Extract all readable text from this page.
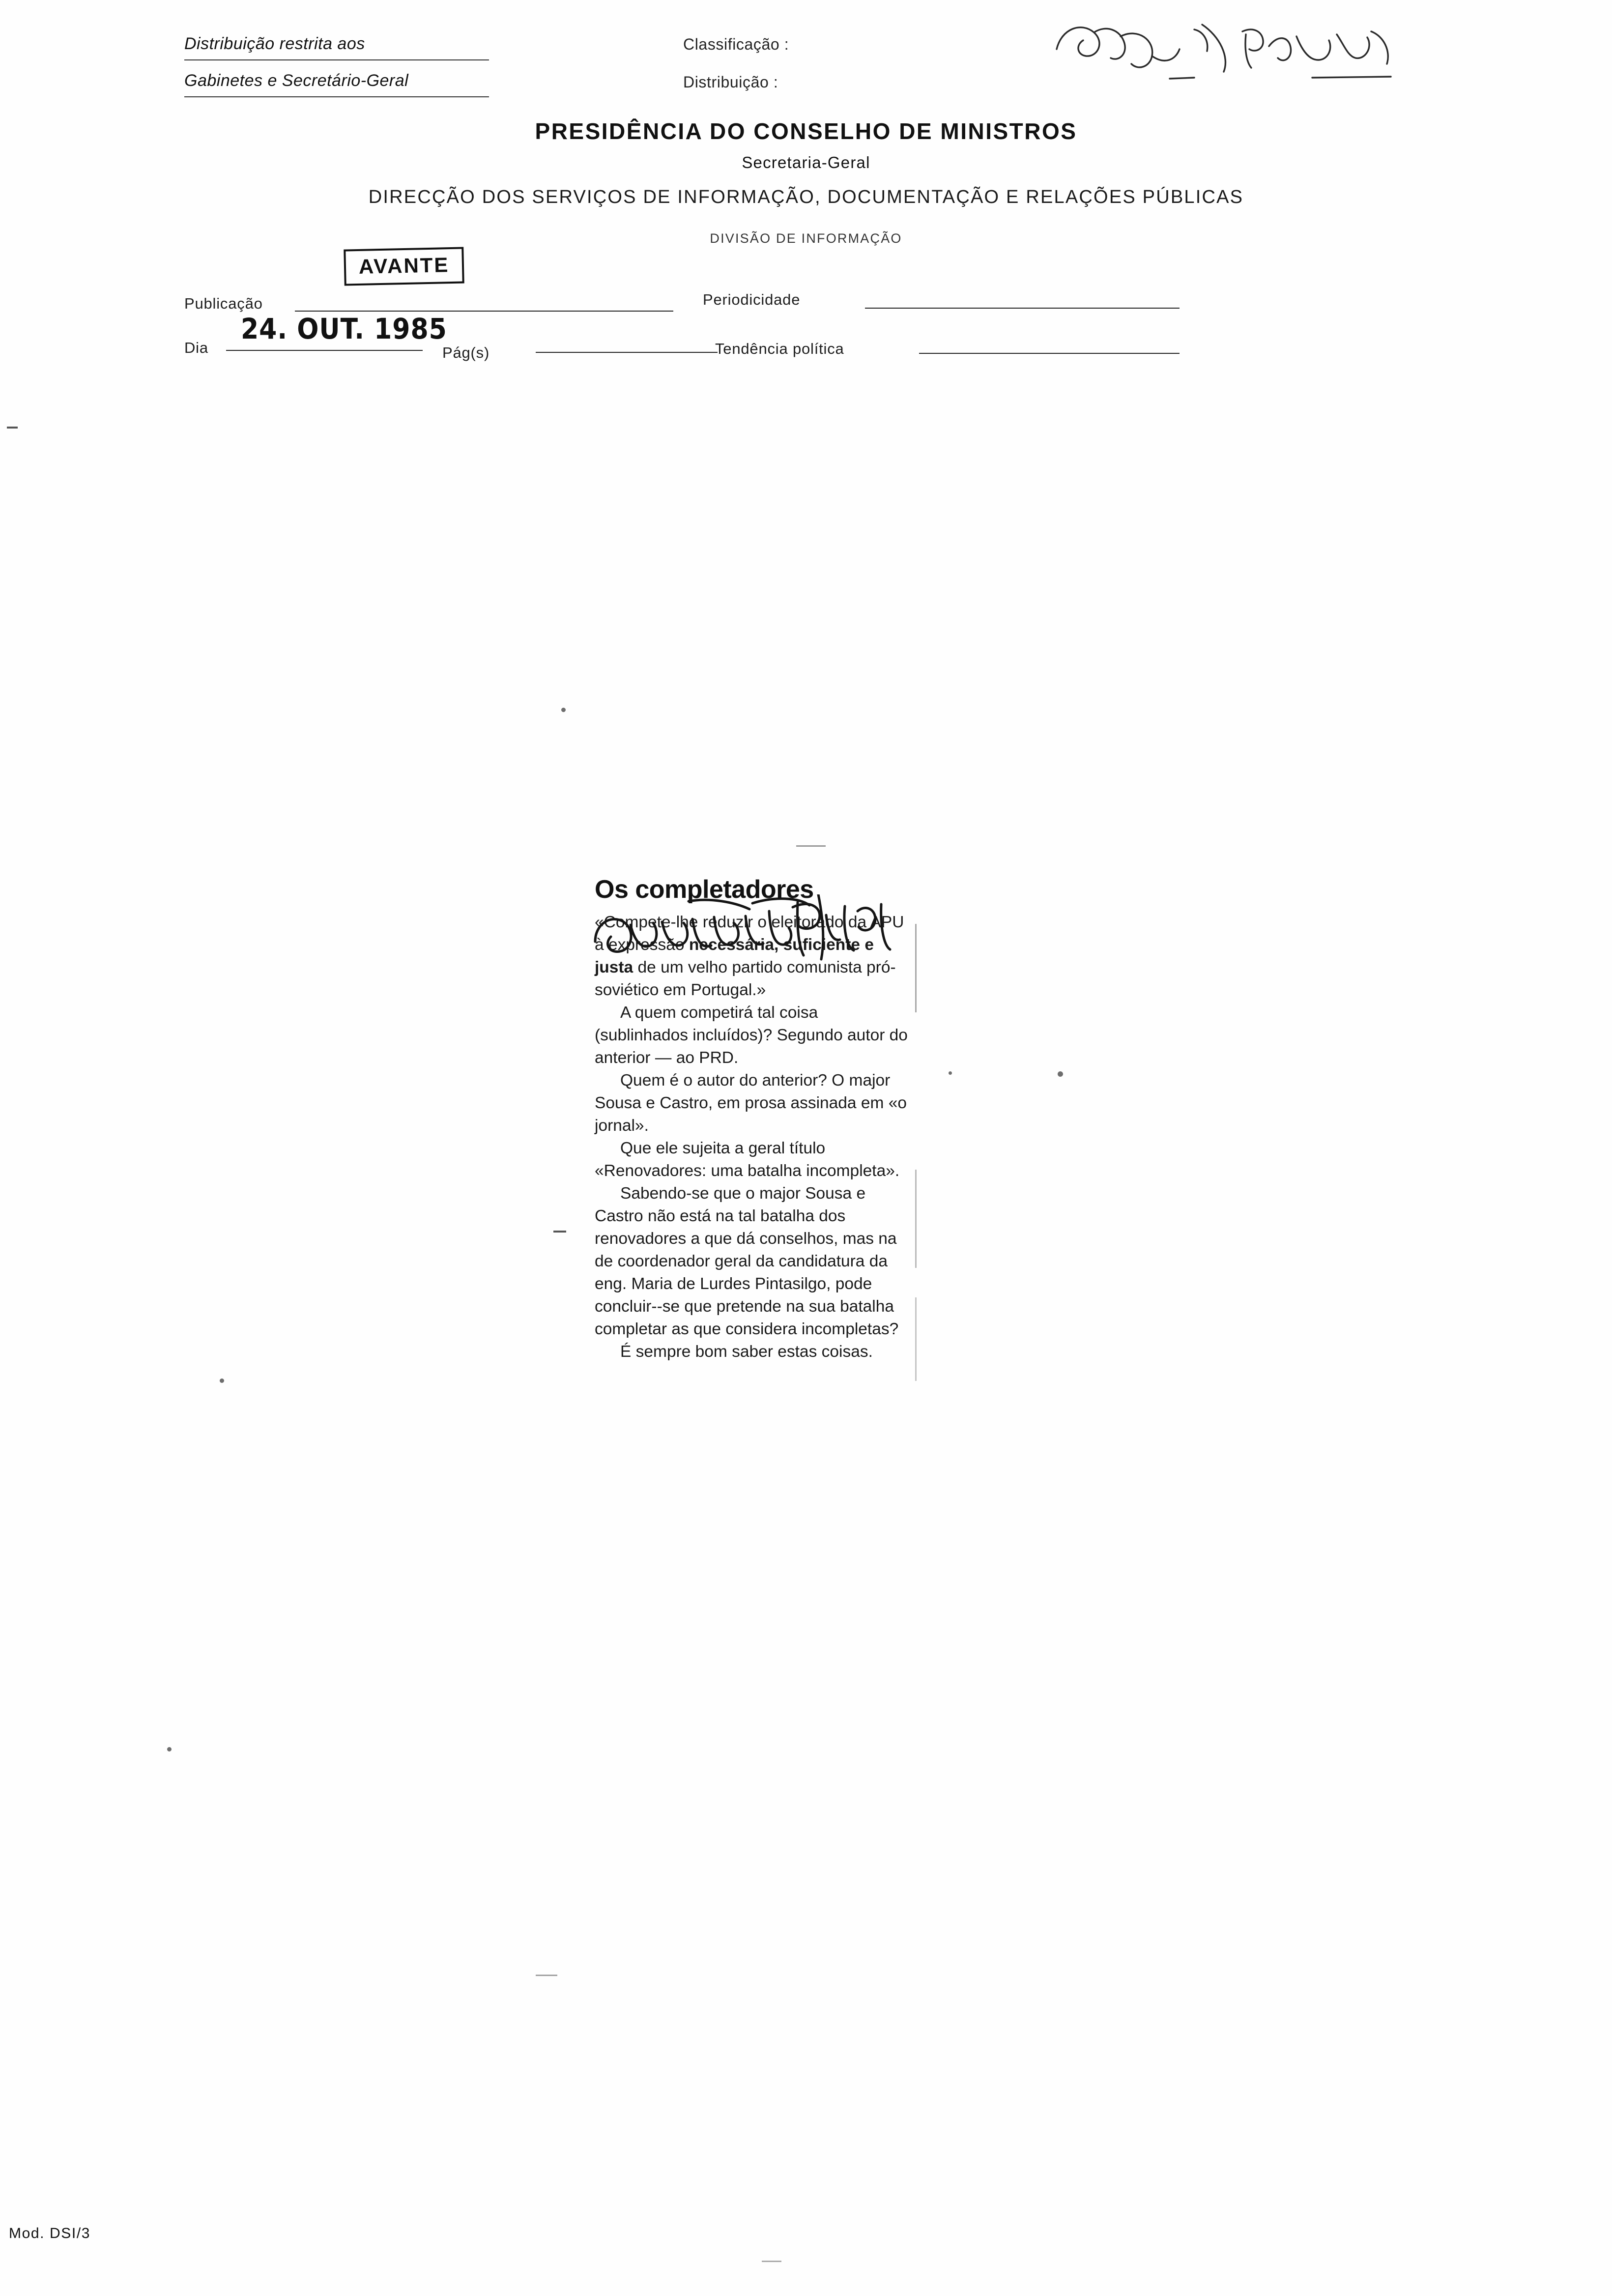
Distribuição restrita aos
Gabinetes e Secretário-Geral
Classificação :
Distribuição :
PRESIDÊNCIA DO CONSELHO DE MINISTROS
Secretaria-Geral
DIRECÇÃO DOS SERVIÇOS DE INFORMAÇÃO, DOCUMENTAÇÃO E RELAÇÕES PÚBLICAS
DIVISÃO DE INFORMAÇÃO
AVANTE
Publicação	Periodicidade
Dia
24. OUT. 1985
Pág(s)	Tendência política
Os completadores

«Compete-lhe reduzir o eleitorado da APU à expressão necessária, suficiente e justa de um velho partido comunista pró-soviético em Portugal.»

A quem competirá tal coisa (sublinhados incluídos)? Segundo autor do anterior — ao PRD.

Quem é o autor do anterior? O major Sousa e Castro, em prosa assinada em «o jornal».

Que ele sujeita a geral título «Renovadores: uma batalha incompleta».

Sabendo-se que o major Sousa e Castro não está na tal batalha dos renovadores a que dá conselhos, mas na de coordenador geral da candidatura da eng. Maria de Lurdes Pintasilgo, pode concluir--se que pretende na sua batalha completar as que considera incompletas?

É sempre bom saber estas coisas.

Mod. DSI/3
